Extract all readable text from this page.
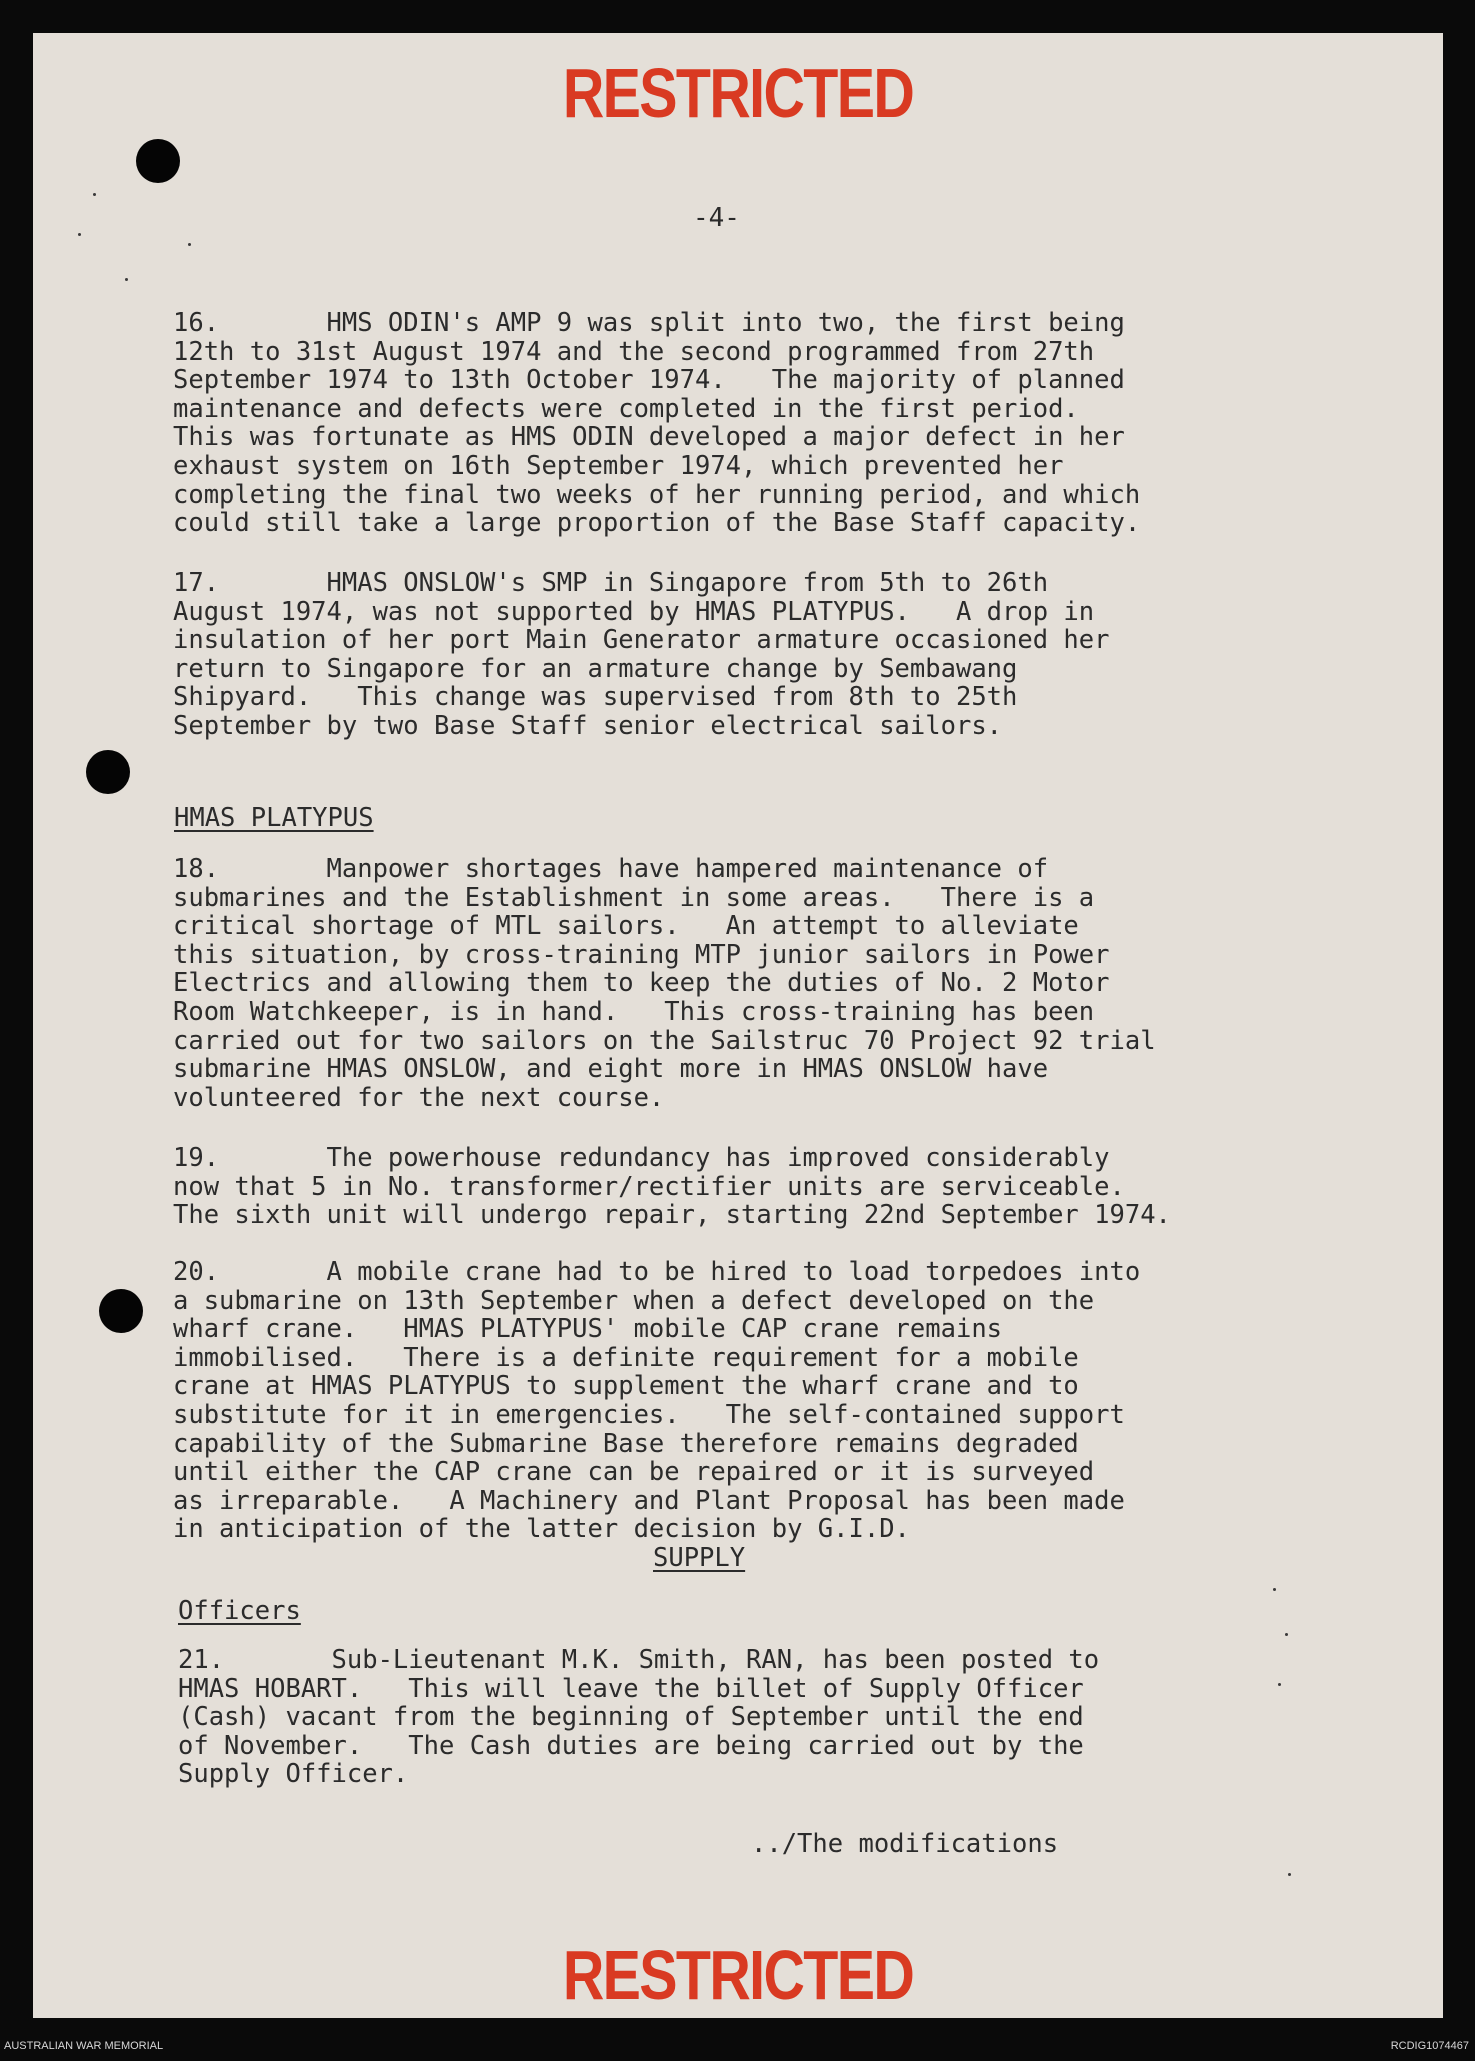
RESTRICTED
-4-
16.       HMS ODIN's AMP 9 was split into two, the first being
12th to 31st August 1974 and the second programmed from 27th
September 1974 to 13th October 1974.   The majority of planned
maintenance and defects were completed in the first period.
This was fortunate as HMS ODIN developed a major defect in her
exhaust system on 16th September 1974, which prevented her
completing the final two weeks of her running period, and which
could still take a large proportion of the Base Staff capacity.
17.       HMAS ONSLOW's SMP in Singapore from 5th to 26th
August 1974, was not supported by HMAS PLATYPUS.   A drop in
insulation of her port Main Generator armature occasioned her
return to Singapore for an armature change by Sembawang
Shipyard.   This change was supervised from 8th to 25th
September by two Base Staff senior electrical sailors.
HMAS PLATYPUS
18.       Manpower shortages have hampered maintenance of
submarines and the Establishment in some areas.   There is a
critical shortage of MTL sailors.   An attempt to alleviate
this situation, by cross-training MTP junior sailors in Power
Electrics and allowing them to keep the duties of No. 2 Motor
Room Watchkeeper, is in hand.   This cross-training has been
carried out for two sailors on the Sailstruc 70 Project 92 trial
submarine HMAS ONSLOW, and eight more in HMAS ONSLOW have
volunteered for the next course.
19.       The powerhouse redundancy has improved considerably
now that 5 in No. transformer/rectifier units are serviceable.
The sixth unit will undergo repair, starting 22nd September 1974.
20.       A mobile crane had to be hired to load torpedoes into
a submarine on 13th September when a defect developed on the
wharf crane.   HMAS PLATYPUS' mobile CAP crane remains
immobilised.   There is a definite requirement for a mobile
crane at HMAS PLATYPUS to supplement the wharf crane and to
substitute for it in emergencies.   The self-contained support
capability of the Submarine Base therefore remains degraded
until either the CAP crane can be repaired or it is surveyed
as irreparable.   A Machinery and Plant Proposal has been made
in anticipation of the latter decision by G.I.D.
SUPPLY
Officers
21.       Sub-Lieutenant M.K. Smith, RAN, has been posted to
HMAS HOBART.   This will leave the billet of Supply Officer
(Cash) vacant from the beginning of September until the end
of November.   The Cash duties are being carried out by the
Supply Officer.
../The modifications
RESTRICTED
AUSTRALIAN WAR MEMORIAL	RCDIG1074467
